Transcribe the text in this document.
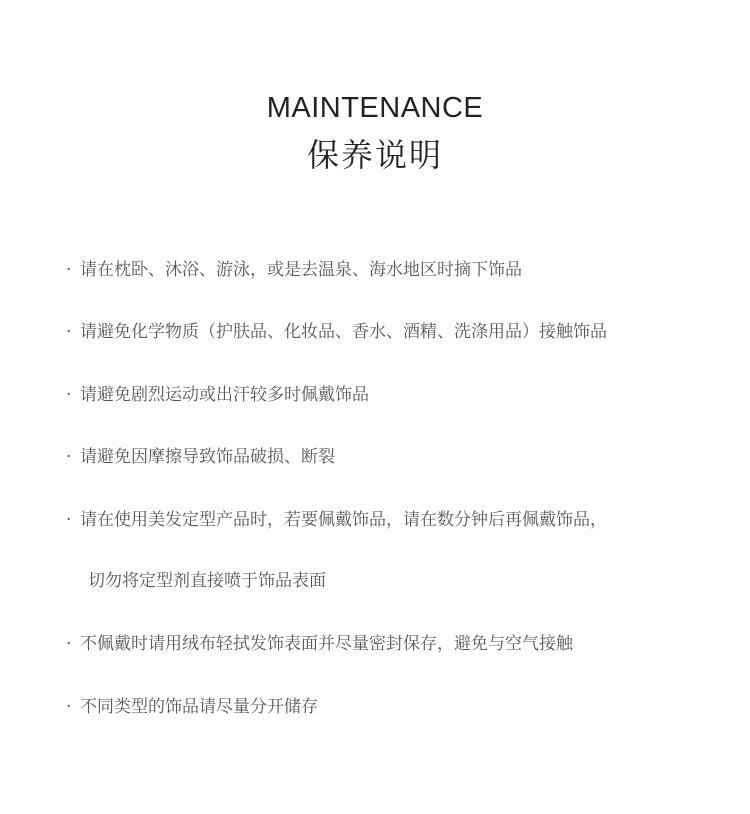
MAINTENANCE
保养说明
· 请在枕卧、沐浴、游泳，或是去温泉、海水地区时摘下饰品
· 请避免化学物质（护肤品、化妆品、香水、酒精、洗涤用品）接触饰品
· 请避免剧烈运动或出汗较多时佩戴饰品
· 请避免因摩擦导致饰品破损、断裂
· 请在使用美发定型产品时，若要佩戴饰品，请在数分钟后再佩戴饰品，
切勿将定型剂直接喷于饰品表面
· 不佩戴时请用绒布轻拭发饰表面并尽量密封保存，避免与空气接触
· 不同类型的饰品请尽量分开储存
